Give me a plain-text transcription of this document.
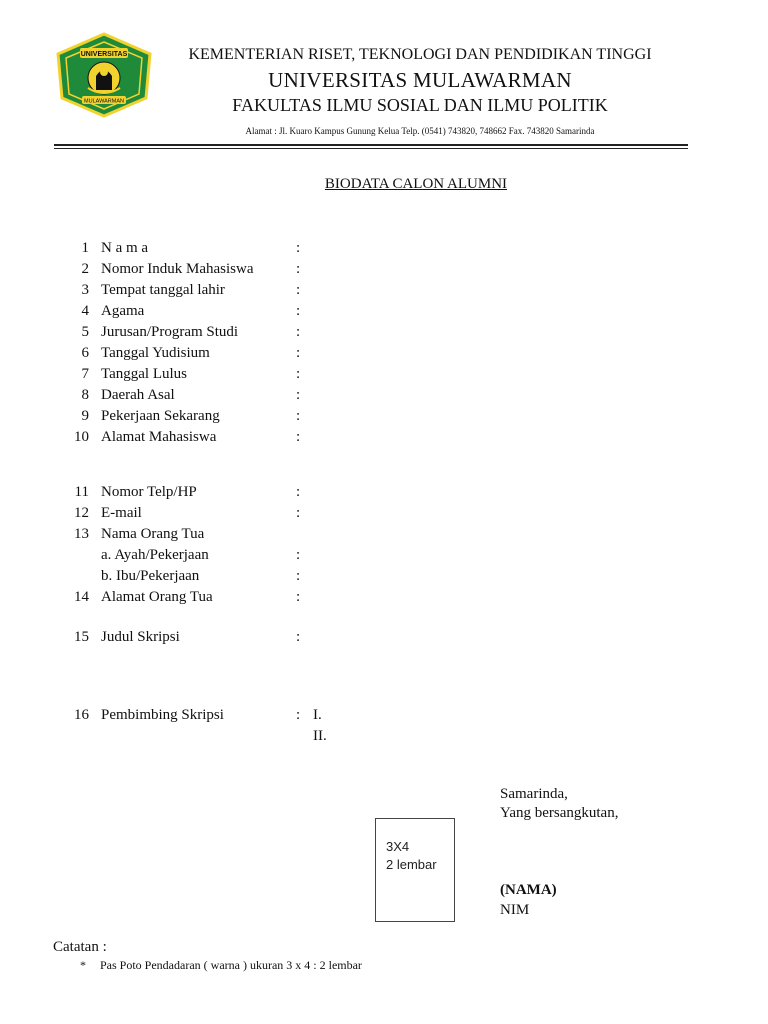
UNIVERSITAS
MULAWARMAN
KEMENTERIAN RISET, TEKNOLOGI DAN PENDIDIKAN TINGGI
UNIVERSITAS MULAWARMAN
FAKULTAS ILMU SOSIAL DAN ILMU POLITIK
Alamat : Jl. Kuaro Kampus Gunung Kelua Telp. (0541) 743820, 748662 Fax. 743820 Samarinda
BIODATA CALON ALUMNI
1 N a m a	:
2 Nomor Induk Mahasiswa	:
3 Tempat tanggal lahir	:
4 Agama	:
5 Jurusan/Program Studi	:
6 Tanggal Yudisium	:
7 Tanggal Lulus	:
8 Daerah Asal	:
9 Pekerjaan Sekarang	:
10 Alamat Mahasiswa	:
11 Nomor Telp/HP	:
12 E-mail	:
13 Nama Orang Tua
a. Ayah/Pekerjaan	:
b. Ibu/Pekerjaan	:
14 Alamat Orang Tua	:
15 Judul Skripsi	:
16 Pembimbing Skripsi	: I.
II.
Samarinda,
Yang bersangkutan,
3X4
2 lembar
(NAMA)
NIM
Catatan :
* Pas Poto Pendadaran ( warna ) ukuran 3 x 4 : 2 lembar
